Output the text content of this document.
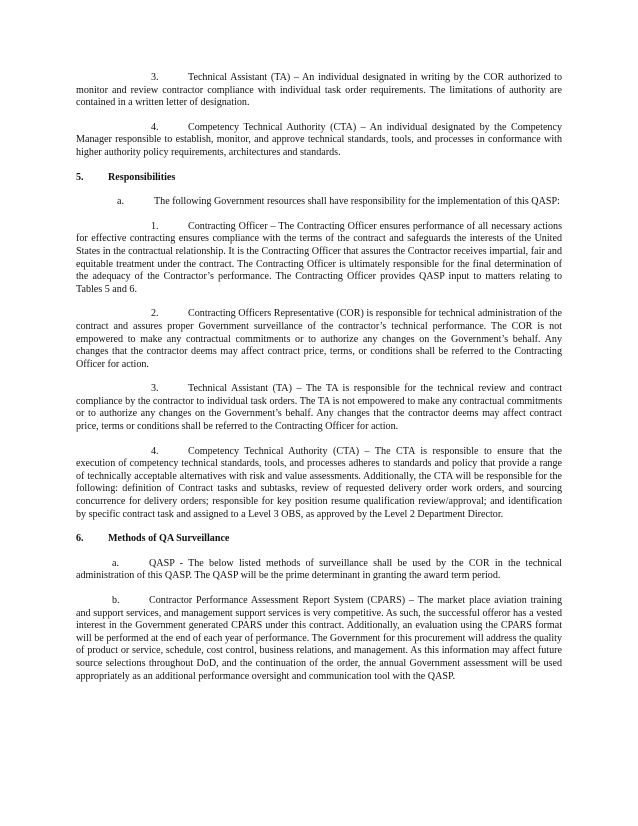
3.	Technical Assistant (TA) – An individual designated in writing by the COR authorized to monitor and review contractor compliance with individual task order requirements. The limitations of authority are contained in a written letter of designation.

4.	Competency Technical Authority (CTA) – An individual designated by the Competency Manager responsible to establish, monitor, and approve technical standards, tools, and processes in conformance with higher authority policy requirements, architectures and standards.

5. Responsibilities

a.	The following Government resources shall have responsibility for the implementation of this QASP:

1.	Contracting Officer – The Contracting Officer ensures performance of all necessary actions for effective contracting ensures compliance with the terms of the contract and safeguards the interests of the United States in the contractual relationship. It is the Contracting Officer that assures the Contractor receives impartial, fair and equitable treatment under the contract. The Contracting Officer is ultimately responsible for the final determination of the adequacy of the Contractor’s performance. The Contracting Officer provides QASP input to matters relating to Tables 5 and 6.

2.	Contracting Officers Representative (COR) is responsible for technical administration of the contract and assures proper Government surveillance of the contractor’s technical performance. The COR is not empowered to make any contractual commitments or to authorize any changes on the Government’s behalf. Any changes that the contractor deems may affect contract price, terms, or conditions shall be referred to the Contracting Officer for action.

3.	Technical Assistant (TA) – The TA is responsible for the technical review and contract compliance by the contractor to individual task orders. The TA is not empowered to make any contractual commitments or to authorize any changes on the Government’s behalf. Any changes that the contractor deems may affect contract price, terms or conditions shall be referred to the Contracting Officer for action.

4.	Competency Technical Authority (CTA) – The CTA is responsible to ensure that the execution of competency technical standards, tools, and processes adheres to standards and policy that provide a range of technically acceptable alternatives with risk and value assessments. Additionally, the CTA will be responsible for the following: definition of Contract tasks and subtasks, review of requested delivery order work orders, and sourcing concurrence for delivery orders; responsible for key position resume qualification review/approval; and identification by specific contract task and assigned to a Level 3 OBS, as approved by the Level 2 Department Director.

6. Methods of QA Surveillance

a.	QASP - The below listed methods of surveillance shall be used by the COR in the technical administration of this QASP. The QASP will be the prime determinant in granting the award term period.

b.	Contractor Performance Assessment Report System (CPARS) – The market place aviation training and support services, and management support services is very competitive. As such, the successful offeror has a vested interest in the Government generated CPARS under this contract. Additionally, an evaluation using the CPARS format will be performed at the end of each year of performance. The Government for this procurement will address the quality of product or service, schedule, cost control, business relations, and management. As this information may affect future source selections throughout DoD, and the continuation of the order, the annual Government assessment will be used appropriately as an additional performance oversight and communication tool with the QASP.
